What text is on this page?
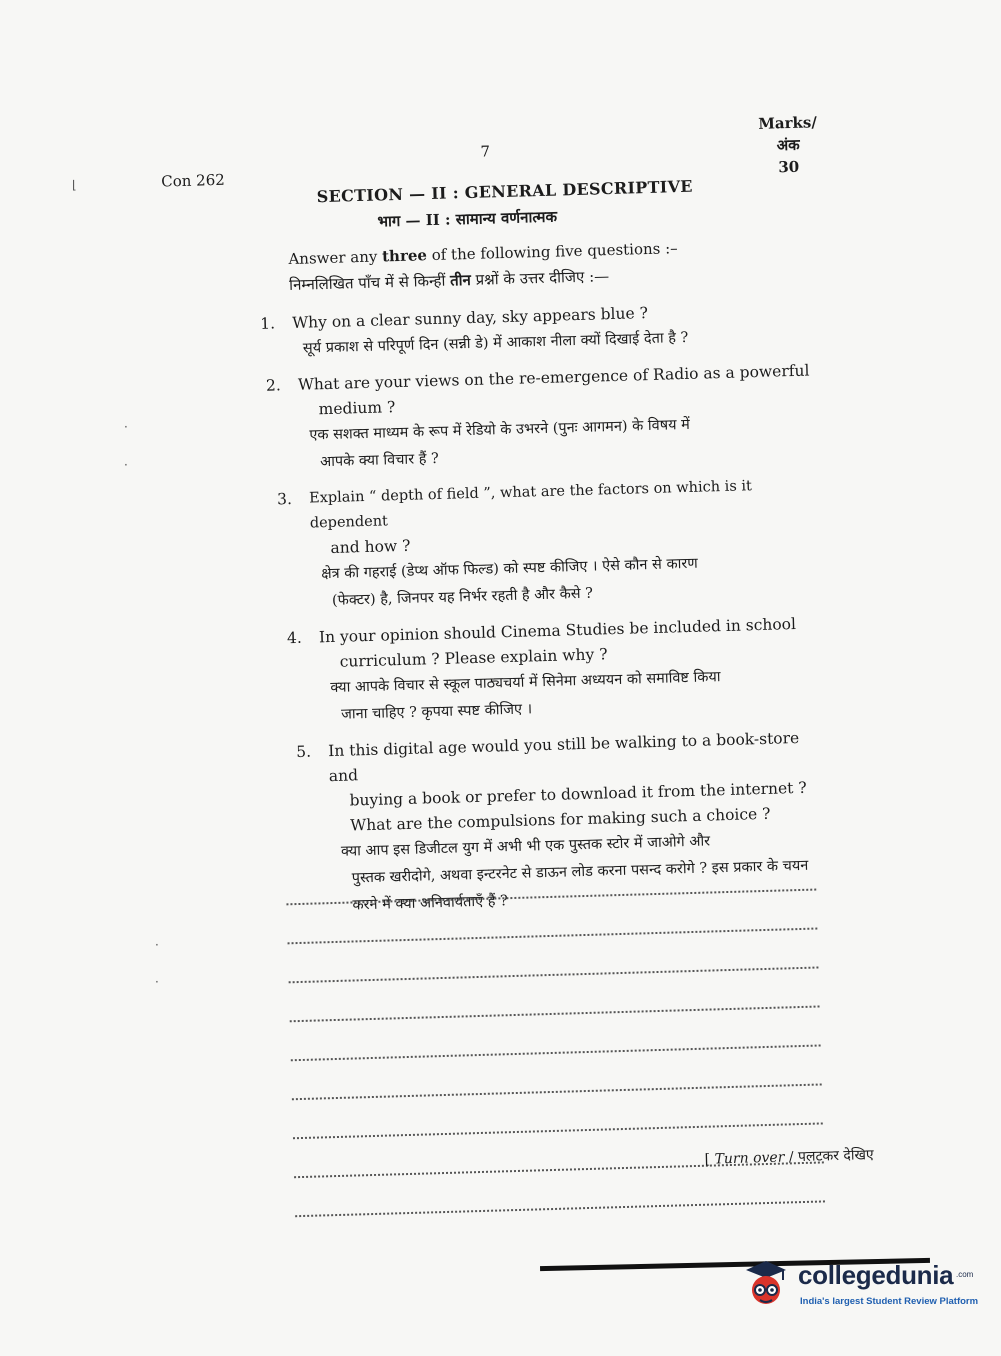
⌊
·
·
·
·
Con 262
7
Marks/
अंक
30
SECTION — II : GENERAL DESCRIPTIVE
भाग — II : सामान्य वर्णनात्मक
Answer any three of the following five questions :–
निम्नलिखित पाँच में से किन्हीं तीन प्रश्नों के उत्तर दीजिए :—
1. Why on a clear sunny day, sky appears blue ?
सूर्य प्रकाश से परिपूर्ण दिन (सन्नी डे) में आकाश नीला क्यों दिखाई देता है ?
2. What are your views on the re-emergence of Radio as a powerful
medium ?
एक सशक्त माध्यम के रूप में रेडियो के उभरने (पुनः आगमन) के विषय में
आपके क्या विचार हैं ?
3. Explain “ depth of field ”, what are the factors on which is it dependent
and how ?
क्षेत्र की गहराई (डेप्थ ऑफ फिल्ड) को स्पष्ट कीजिए । ऐसे कौन से कारण
(फेक्टर) है, जिनपर यह निर्भर रहती है और कैसे ?
4. In your opinion should Cinema Studies be included in school
curriculum ? Please explain why ?
क्या आपके विचार से स्कूल पाठ्यचर्या में सिनेमा अध्ययन को समाविष्ट किया
जाना चाहिए ? कृपया स्पष्ट कीजिए ।
5. In this digital age would you still be walking to a book-store and
buying a book or prefer to download it from the internet ? What are the compulsions for making such a choice ?
क्या आप इस डिजीटल युग में अभी भी एक पुस्तक स्टोर में जाओगे और
पुस्तक खरीदोगे, अथवा इन्टरनेट से डाऊन लोड करना पसन्द करोगे ? इस प्रकार के चयन करने में क्या अनिवार्यताएँ हैं ?
[ Turn over / पलटकर देखिए
collegedunia .com
India's largest Student Review Platform
